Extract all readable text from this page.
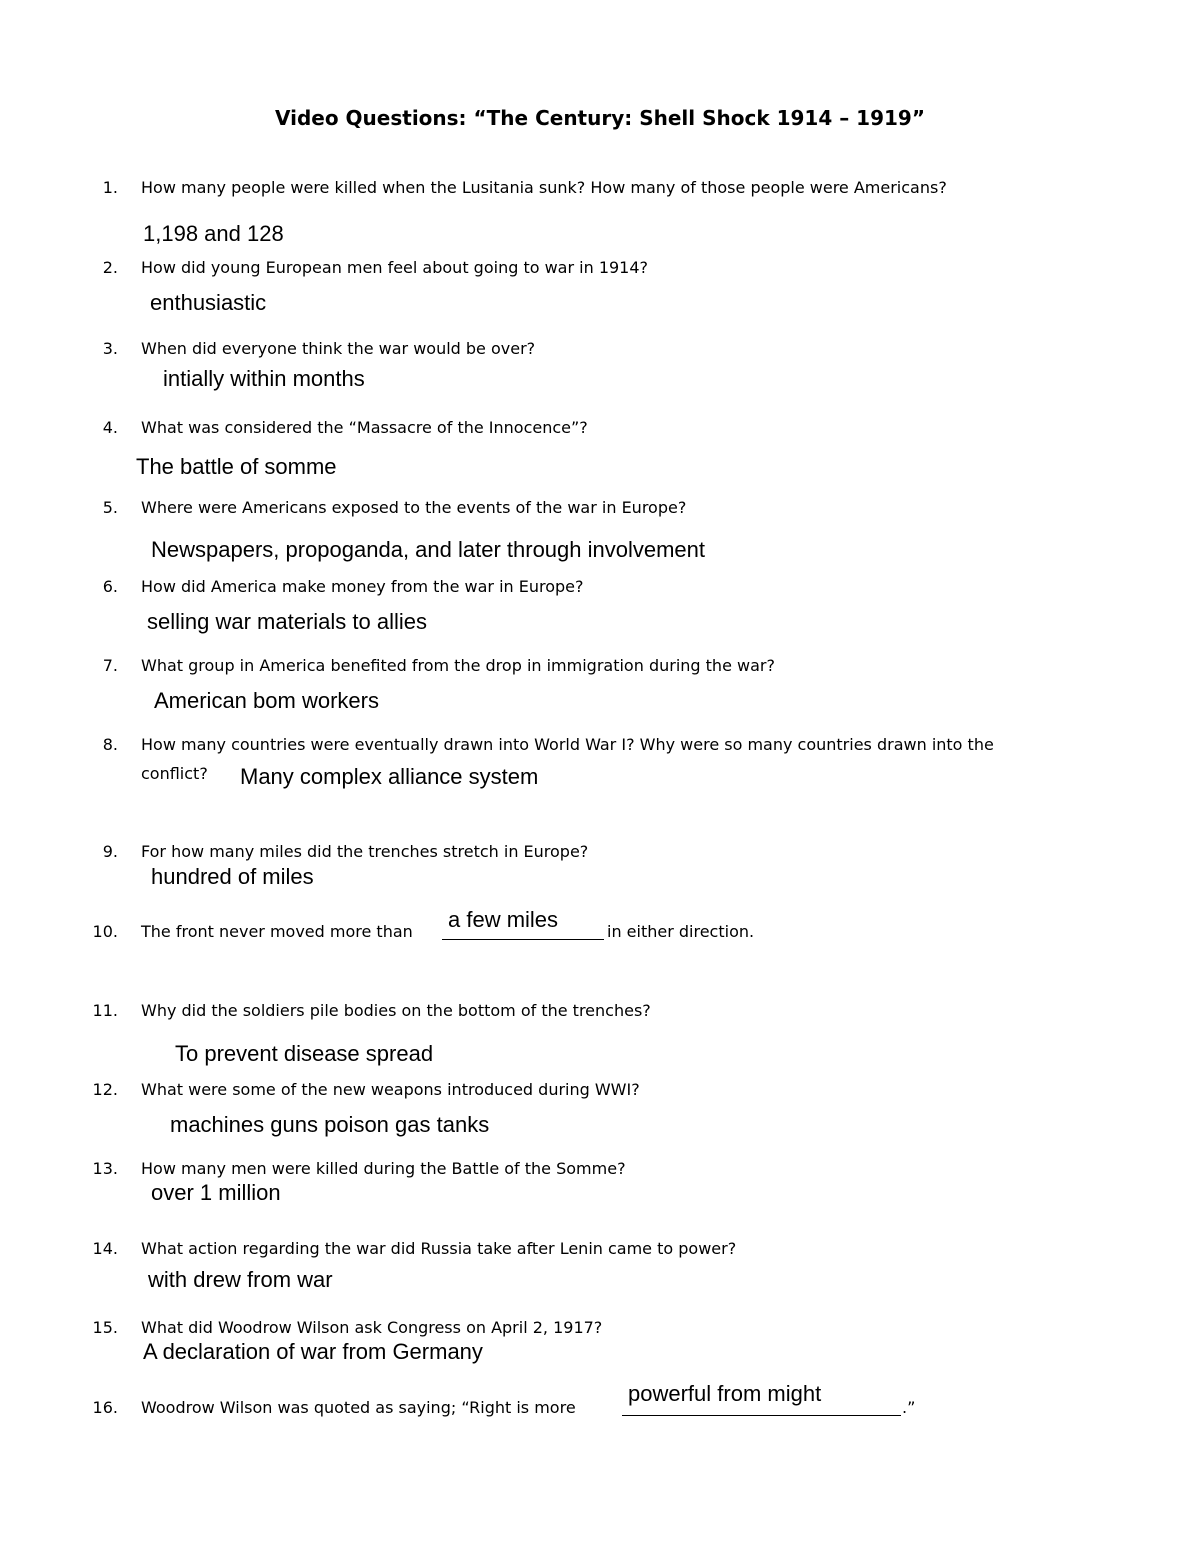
Video Questions: “The Century: Shell Shock 1914 – 1919”
1. How many people were killed when the Lusitania sunk? How many of those people were Americans?
1,198 and 128
2. How did young European men feel about going to war in 1914?
enthusiastic
3. When did everyone think the war would be over?
intially within months
4. What was considered the “Massacre of the Innocence”?
The battle of somme
5. Where were Americans exposed to the events of the war in Europe?
Newspapers, propoganda, and later through involvement
6. How did America make money from the war in Europe?
selling war materials to allies
7. What group in America benefited from the drop in immigration during the war?
American bom workers
8. How many countries were eventually drawn into World War I? Why were so many countries drawn into the
conflict? Many complex alliance system
9. For how many miles did the trenches stretch in Europe?
hundred of miles
10. The front never moved more than a few miles	in either direction.
11. Why did the soldiers pile bodies on the bottom of the trenches?
To prevent disease spread
12. What were some of the new weapons introduced during WWI?
machines guns poison gas tanks
13. How many men were killed during the Battle of the Somme?
over 1 million
14. What action regarding the war did Russia take after Lenin came to power?
with drew from war
15. What did Woodrow Wilson ask Congress on April 2, 1917?
A declaration of war from Germany
16. Woodrow Wilson was quoted as saying; “Right is more
powerful from might
.”
